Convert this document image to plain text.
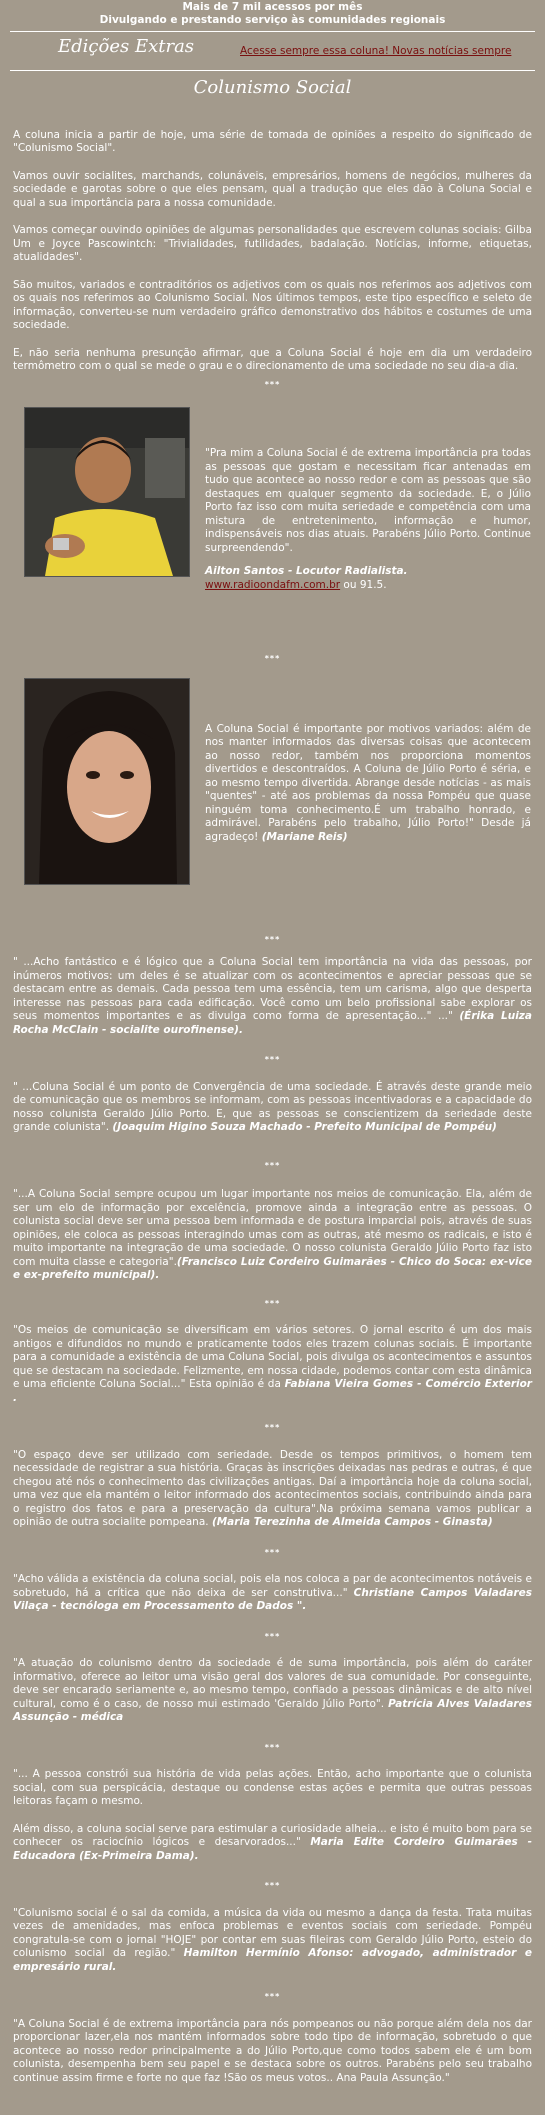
Mais de 7 mil acessos por mês
Divulgando e prestando serviço às comunidades regionais
Edições Extras	Acesse sempre essa coluna! Novas notícias sempre
Colunismo Social

A coluna inicia a partir de hoje, uma série de tomada de opiniões a respeito do significado de "Colunismo Social".

Vamos ouvir socialites, marchands, colunáveis, empresários, homens de negócios, mulheres da sociedade e garotas sobre o que eles pensam, qual a tradução que eles dão à Coluna Social e qual a sua importância para a nossa comunidade.

Vamos começar ouvindo opiniões de algumas personalidades que escrevem colunas sociais: Gilba Um e Joyce Pascowintch: "Trivialidades, futilidades, badalação. Notícias, informe, etiquetas, atualidades".

São muitos, variados e contraditórios os adjetivos com os quais nos referimos aos adjetivos com os quais nos referimos ao Colunismo Social. Nos últimos tempos, este tipo específico e seleto de informação, converteu-se num verdadeiro gráfico demonstrativo dos hábitos e costumes de uma sociedade.

E, não seria nenhuma presunção afirmar, que a Coluna Social é hoje em dia um verdadeiro termômetro com o qual se mede o grau e o direcionamento de uma sociedade no seu dia-a dia.

***

"Pra mim a Coluna Social é de extrema importância pra todas as pessoas que gostam e necessitam ficar antenadas em tudo que acontece ao nosso redor e com as pessoas que são destaques em qualquer segmento da sociedade. E, o Júlio Porto faz isso com muita seriedade e competência com uma mistura de entretenimento, informação e humor, indispensáveis nos dias atuais. Parabéns Júlio Porto. Continue surpreendendo".

Ailton Santos - Locutor Radialista.
www.radioondafm.com.br ou 91.5.

***

A Coluna Social é importante por motivos variados: além de nos manter informados das diversas coisas que acontecem ao nosso redor, também nos proporciona momentos divertidos e descontraídos. A Coluna de Júlio Porto é séria, e ao mesmo tempo divertida. Abrange desde notícias - as mais "quentes" - até aos problemas da nossa Pompéu que quase ninguém toma conhecimento.É um trabalho honrado, e admirável. Parabéns pelo trabalho, Júlio Porto!" Desde já agradeço! (Mariane Reis)

***

" ...Acho fantástico e é lógico que a Coluna Social tem importância na vida das pessoas, por inúmeros motivos: um deles é se atualizar com os acontecimentos e apreciar pessoas que se destacam entre as demais. Cada pessoa tem uma essência, tem um carisma, algo que desperta interesse nas pessoas para cada edificação. Você como um belo profissional sabe explorar os seus momentos importantes e as divulga como forma de apresentação..." ..." (Érika Luiza Rocha McClain - socialite ourofinense).

***

" ...Coluna Social é um ponto de Convergência de uma sociedade. É através deste grande meio de comunicação que os membros se informam, com as pessoas incentivadoras e a capacidade do nosso colunista Geraldo Júlio Porto. E, que as pessoas se conscientizem da seriedade deste grande colunista". (Joaquim Higino Souza Machado - Prefeito Municipal de Pompéu)

***

"...A Coluna Social sempre ocupou um lugar importante nos meios de comunicação. Ela, além de ser um elo de informação por excelência, promove ainda a integração entre as pessoas. O colunista social deve ser uma pessoa bem informada e de postura imparcial pois, através de suas opiniões, ele coloca as pessoas interagindo umas com as outras, até mesmo os radicais, e isto é muito importante na integração de uma sociedade. O nosso colunista Geraldo Júlio Porto faz isto com muita classe e categoria".(Francisco Luiz Cordeiro Guimarães - Chico do Soca: ex-vice e ex-prefeito municipal).

***

"Os meios de comunicação se diversificam em vários setores. O jornal escrito é um dos mais antigos e difundidos no mundo e praticamente todos eles trazem colunas sociais. É importante para a comunidade a existência de uma Coluna Social, pois divulga os acontecimentos e assuntos que se destacam na sociedade. Felizmente, em nossa cidade, podemos contar com esta dinâmica e uma eficiente Coluna Social..." Esta opinião é da Fabiana Vieira Gomes - Comércio Exterior .

***

"O espaço deve ser utilizado com seriedade. Desde os tempos primitivos, o homem tem necessidade de registrar a sua história. Graças às inscrições deixadas nas pedras e outras, é que chegou até nós o conhecimento das civilizações antigas. Daí a importância hoje da coluna social, uma vez que ela mantém o leitor informado dos acontecimentos sociais, contribuindo ainda para o registro dos fatos e para a preservação da cultura".Na próxima semana vamos publicar a opinião de outra socialite pompeana. (Maria Terezinha de Almeida Campos - Ginasta)

***

"Acho válida a existência da coluna social, pois ela nos coloca a par de acontecimentos notáveis e sobretudo, há a crítica que não deixa de ser construtiva..." Christiane Campos Valadares Vilaça - tecnóloga em Processamento de Dados ".

***

"A atuação do colunismo dentro da sociedade é de suma importância, pois além do caráter informativo, oferece ao leitor uma visão geral dos valores de sua comunidade. Por conseguinte, deve ser encarado seriamente e, ao mesmo tempo, confiado a pessoas dinâmicas e de alto nível cultural, como é o caso, de nosso mui estimado 'Geraldo Júlio Porto". Patrícia Alves Valadares Assunção - médica

***

"... A pessoa constrói sua história de vida pelas ações. Então, acho importante que o colunista social, com sua perspicácia, destaque ou condense estas ações e permita que outras pessoas leitoras façam o mesmo.

Além disso, a coluna social serve para estimular a curiosidade alheia... e isto é muito bom para se conhecer os raciocínio lógicos e desarvorados..." Maria Edite Cordeiro Guimarães - Educadora (Ex-Primeira Dama).

***

"Colunismo social é o sal da comida, a música da vida ou mesmo a dança da festa. Trata muitas vezes de amenidades, mas enfoca problemas e eventos sociais com seriedade. Pompéu congratula-se com o jornal "HOJE" por contar em suas fileiras com Geraldo Júlio Porto, esteio do colunismo social da região." Hamilton Hermínio Afonso: advogado, administrador e empresário rural.

***

"A Coluna Social é de extrema importância para nós pompeanos ou não porque além dela nos dar proporcionar lazer,ela nos mantém informados sobre todo tipo de informação, sobretudo o que acontece ao nosso redor principalmente a do Júlio Porto,que como todos sabem ele é um bom colunista, desempenha bem seu papel e se destaca sobre os outros. Parabéns pelo seu trabalho continue assim firme e forte no que faz !São os meus votos.. Ana Paula Assunção."
